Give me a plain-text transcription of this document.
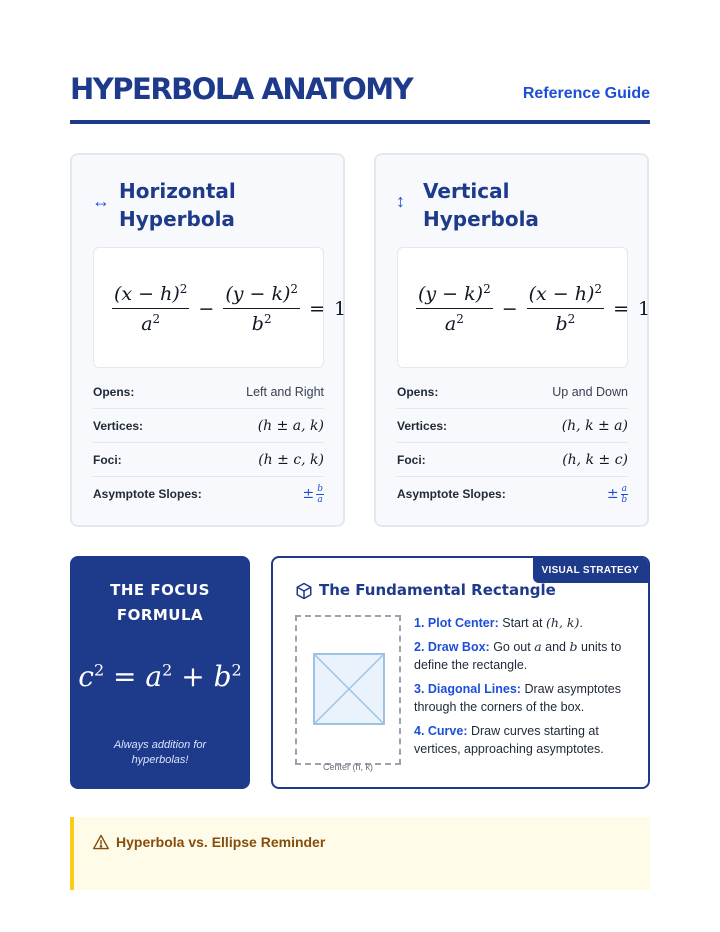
HYPERBOLA ANATOMY	Reference Guide
↔ Horizontal Hyperbola
$\frac{(x - h)^2}{a^2} - \frac{(y - k)^2}{b^2} = 1$
Opens:	Left and Right
Vertices:	(h ± a, k)
Foci:	(h ± c, k)
Asymptote Slopes:	± $\frac{b}{a}$
↕ Vertical Hyperbola
$\frac{(y - k)^2}{a^2} - \frac{(x - h)^2}{b^2} = 1$
Opens:	Up and Down
Vertices:	(h, k ± a)
Foci:	(h, k ± c)
Asymptote Slopes:	± $\frac{a}{b}$
THE FOCUS FORMULA
$c^2 = a^2 + b^2$
Always addition for hyperbolas!
VISUAL STRATEGY
The Fundamental Rectangle
Center (h, k)
1. Plot Center: Start at (h, k).
2. Draw Box: Go out a and b units to define the rectangle.
3. Diagonal Lines: Draw asymptotes through the corners of the box.
4. Curve: Draw curves starting at vertices, approaching asymptotes.
Hyperbola vs. Ellipse Reminder
